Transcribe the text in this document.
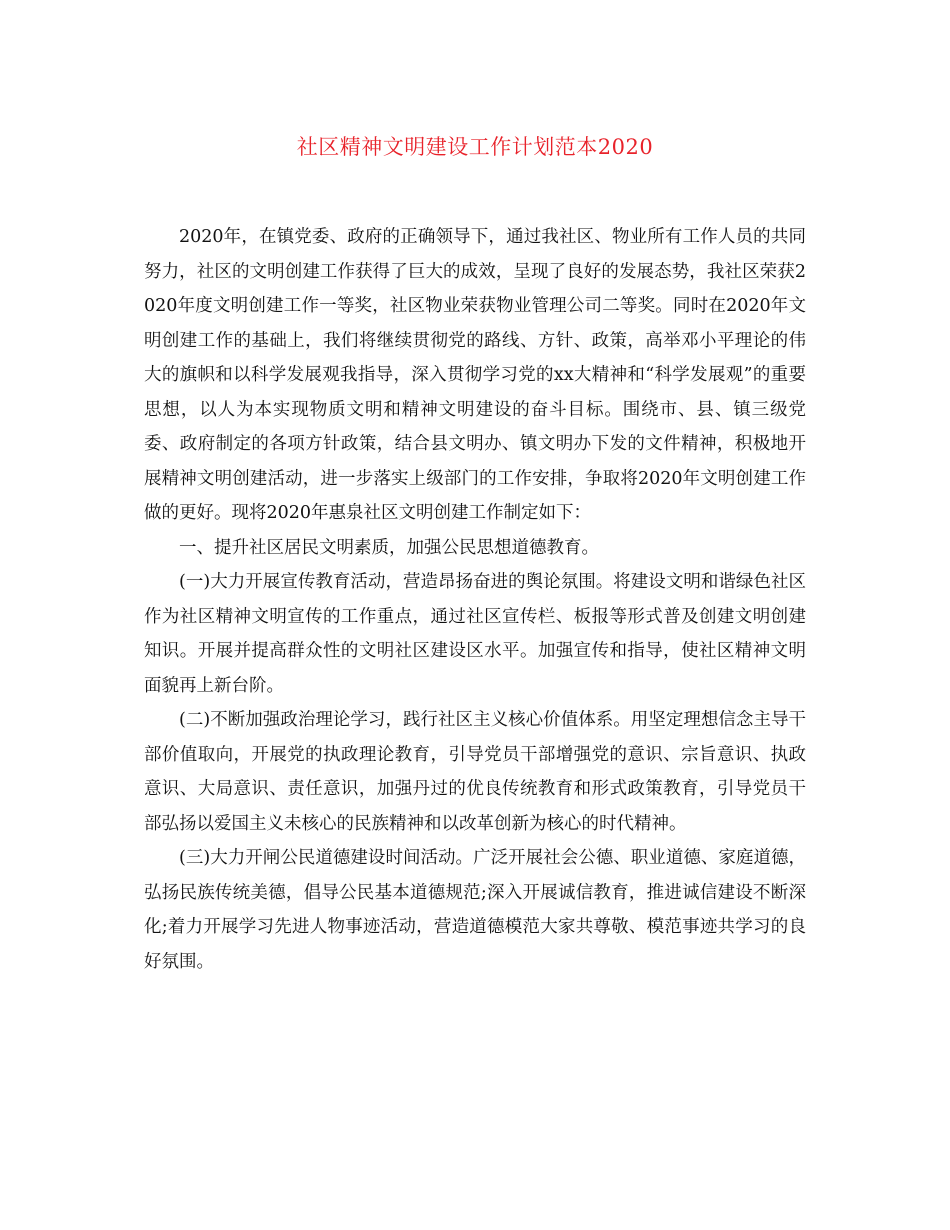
社区精神文明建设工作计划范本2020

2020年，在镇党委、政府的正确领导下，通过我社区、物业所有工作人员的共同努力，社区的文明创建工作获得了巨大的成效，呈现了良好的发展态势，我社区荣获2020年度文明创建工作一等奖，社区物业荣获物业管理公司二等奖。同时在2020年文明创建工作的基础上，我们将继续贯彻党的路线、方针、政策，高举邓小平理论的伟大的旗帜和以科学发展观我指导，深入贯彻学习党的xx大精神和“科学发展观”的重要思想，以人为本实现物质文明和精神文明建设的奋斗目标。围绕市、县、镇三级党委、政府制定的各项方针政策，结合县文明办、镇文明办下发的文件精神，积极地开展精神文明创建活动，进一步落实上级部门的工作安排，争取将2020年文明创建工作做的更好。现将2020年惠泉社区文明创建工作制定如下：

一、提升社区居民文明素质，加强公民思想道德教育。

(一)大力开展宣传教育活动，营造昂扬奋进的舆论氛围。将建设文明和谐绿色社区作为社区精神文明宣传的工作重点，通过社区宣传栏、板报等形式普及创建文明创建知识。开展并提高群众性的文明社区建设区水平。加强宣传和指导，使社区精神文明面貌再上新台阶。

(二)不断加强政治理论学习，践行社区主义核心价值体系。用坚定理想信念主导干部价值取向，开展党的执政理论教育，引导党员干部增强党的意识、宗旨意识、执政意识、大局意识、责任意识，加强丹过的优良传统教育和形式政策教育，引导党员干部弘扬以爱国主义未核心的民族精神和以改革创新为核心的时代精神。

(三)大力开闸公民道德建设时间活动。广泛开展社会公德、职业道德、家庭道德，弘扬民族传统美德，倡导公民基本道德规范;深入开展诚信教育，推进诚信建设不断深化;着力开展学习先进人物事迹活动，营造道德模范大家共尊敬、模范事迹共学习的良好氛围。
